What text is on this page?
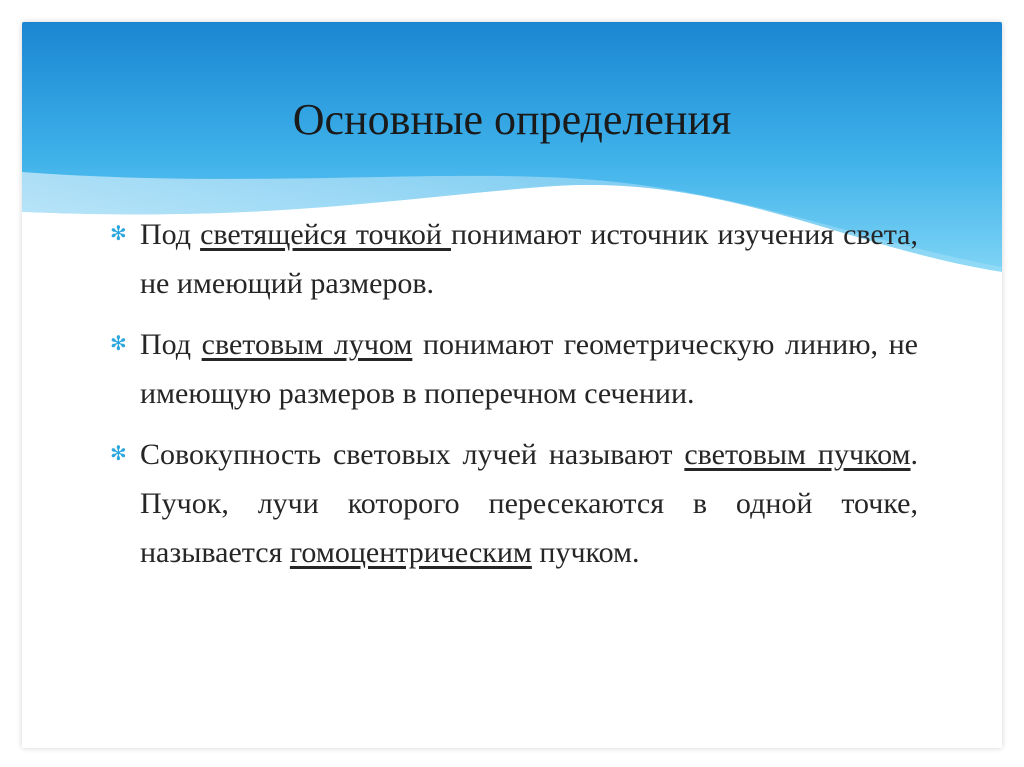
Основные определения

✻ Под светящейся точкой понимают источник изучения света, не имеющий размеров.

✻ Под световым лучом понимают геометрическую линию, не имеющую размеров в поперечном сечении.

✻ Совокупность световых лучей называют световым пучком. Пучок, лучи которого пересекаются в одной точке, называется гомоцентрическим пучком.
